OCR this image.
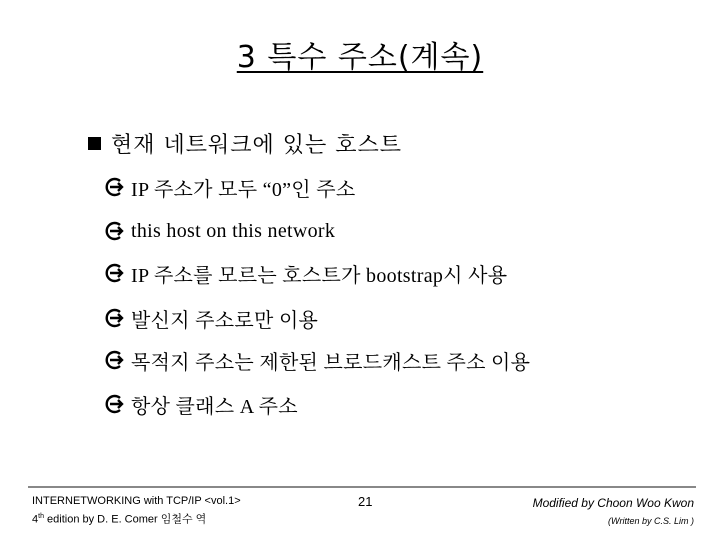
3 특수 주소(계속)
현재 네트워크에 있는 호스트
IP 주소가 모두 “0”인 주소
this host on this network
IP 주소를 모르는 호스트가 bootstrap시 사용
발신지 주소로만 이용
목적지 주소는 제한된 브로드캐스트 주소 이용
항상 클래스 A 주소
INTERNETWORKING with TCP/IP <vol.1>
4th edition by D. E. Comer 임철수 역
21	Modified by Choon Woo Kwon
(Written by C.S. Lim )
